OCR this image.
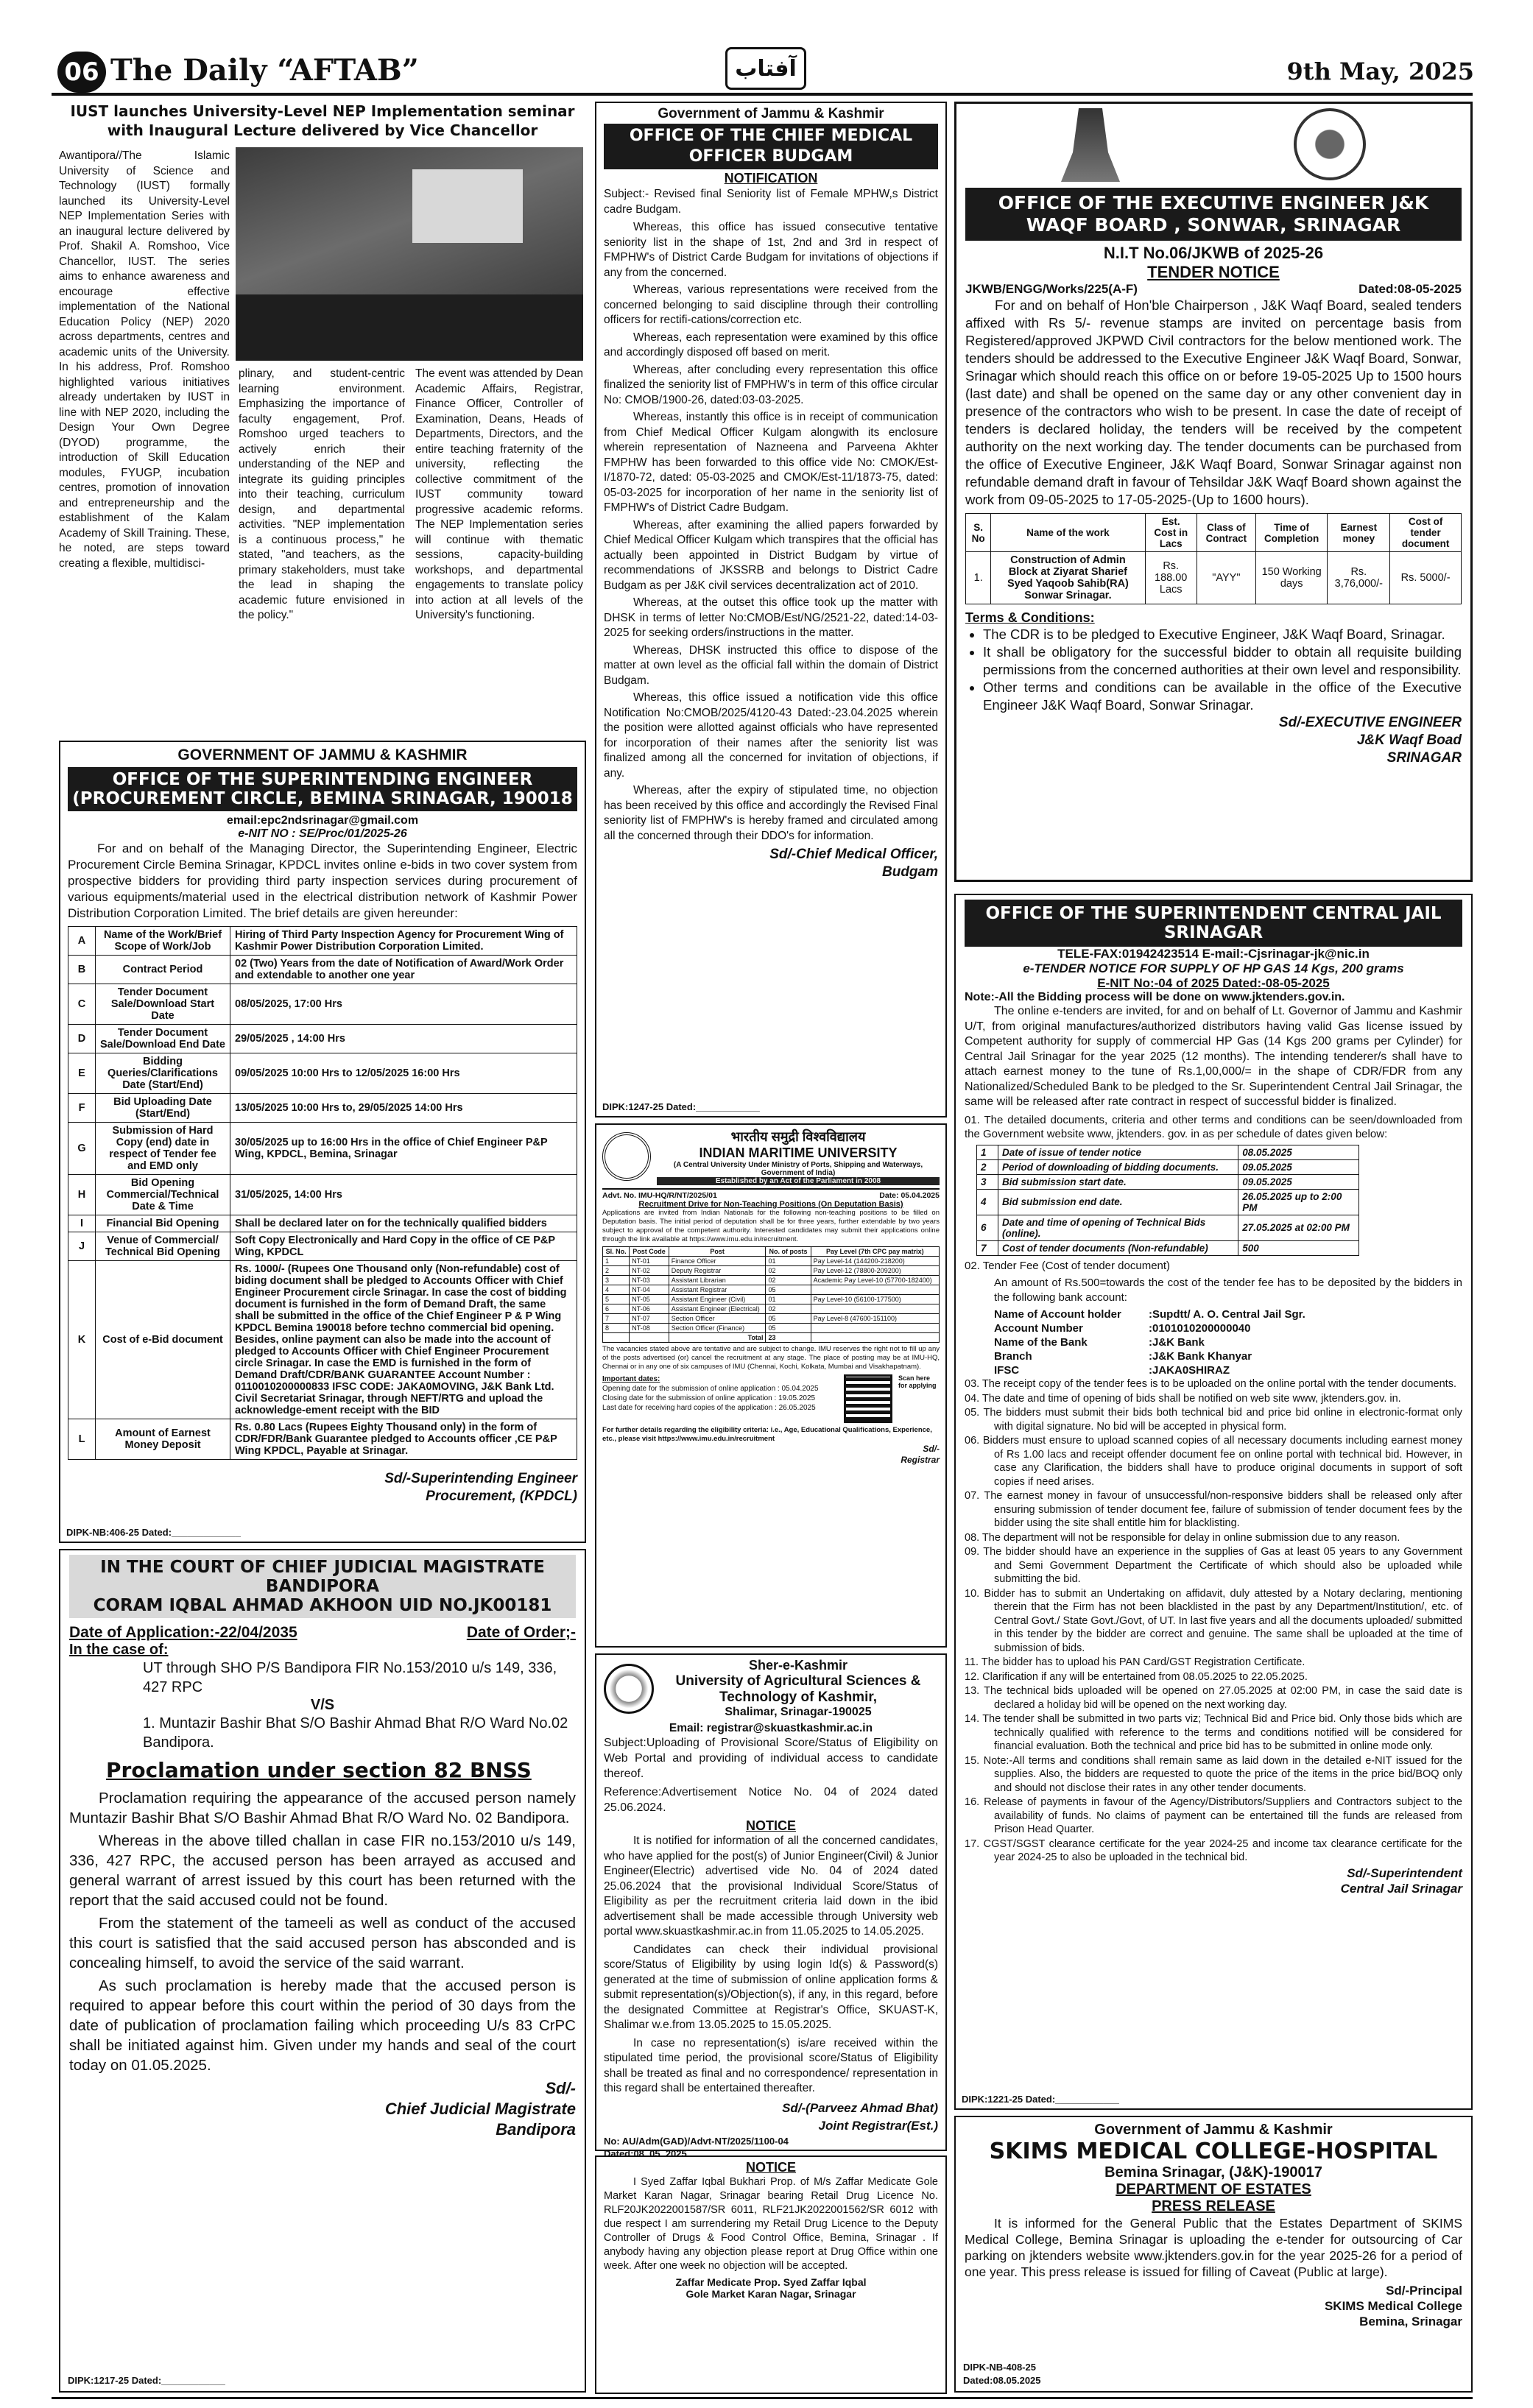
06 The Daily “AFTAB”	آفتاب	9th May, 2025
IUST launches University-Level NEP Implementation seminar with Inaugural Lecture delivered by Vice Chancellor
Awantipora//The Islamic University of Science and Technology (IUST) formally launched its University-Level NEP Implementation Series with an inaugural lecture delivered by Prof. Shakil A. Romshoo, Vice Chancellor, IUST. The series aims to enhance awareness and encourage effective implementation of the National Education Policy (NEP) 2020 across departments, centres and academic units of the University. In his address, Prof. Romshoo highlighted various initiatives already undertaken by IUST in line with NEP 2020, including the Design Your Own Degree (DYOD) programme, the introduction of Skill Education modules, FYUGP, incubation centres, promotion of innovation and entrepreneurship and the establishment of the Kalam Academy of Skill Training. These, he noted, are steps toward creating a flexible, multidisci-
plinary, and student-centric learning environment. Emphasizing the importance of faculty engagement, Prof. Romshoo urged teachers to actively enrich their understanding of the NEP and integrate its guiding principles into their teaching, curriculum design, and departmental activities. "NEP implementation is a continuous process," he stated, "and teachers, as the primary stakeholders, must take the lead in shaping the academic future envisioned in the policy."
The event was attended by Dean Academic Affairs, Registrar, Finance Officer, Controller of Examination, Deans, Heads of Departments, Directors, and the entire teaching fraternity of the university, reflecting the collective commitment of the IUST community toward progressive academic reforms. The NEP Implementation series will continue with thematic sessions, capacity-building workshops, and departmental engagements to translate policy into action at all levels of the University's functioning.
GOVERNMENT OF JAMMU & KASHMIR
OFFICE OF THE SUPERINTENDING ENGINEER
(PROCUREMENT CIRCLE, BEMINA SRINAGAR, 190018
email:epc2ndsrinagar@gmail.com
e-NIT NO : SE/Proc/01/2025-26
For and on behalf of the Managing Director, the Superintending Engineer, Electric Procurement Circle Bemina Srinagar, KPDCL invites online e-bids in two cover system from prospective bidders for providing third party inspection services during procurement of various equipments/material used in the electrical distribution network of Kashmir Power Distribution Corporation Limited. The brief details are given hereunder:
A	Name of the Work/Brief Scope of Work/Job	Hiring of Third Party Inspection Agency for Procurement Wing of Kashmir Power Distribution Corporation Limited.
B	Contract Period	02 (Two) Years from the date of Notification of Award/Work Order and extendable to another one year
C	Tender Document Sale/Download Start Date	08/05/2025, 17:00 Hrs
D	Tender Document Sale/Download End Date	29/05/2025 , 14:00 Hrs
E	Bidding Queries/Clarifications Date (Start/End)	09/05/2025 10:00 Hrs to 12/05/2025 16:00 Hrs
F	Bid Uploading Date (Start/End)	13/05/2025 10:00 Hrs to, 29/05/2025 14:00 Hrs
G	Submission of Hard Copy (end) date in respect of Tender fee and EMD only	30/05/2025 up to 16:00 Hrs in the office of Chief Engineer P&P Wing, KPDCL, Bemina, Srinagar
H	Bid Opening Commercial/Technical Date & Time	31/05/2025, 14:00 Hrs
I	Financial Bid Opening	Shall be declared later on for the technically qualified bidders
J	Venue of Commercial/ Technical Bid Opening	Soft Copy Electronically and Hard Copy in the office of CE P&P Wing, KPDCL
K	Cost of e-Bid document	Rs. 1000/- (Rupees One Thousand only (Non-refundable) cost of biding document shall be pledged to Accounts Officer with Chief Engineer Procurement circle Srinagar. In case the cost of bidding document is furnished in the form of Demand Draft, the same shall be submitted in the office of the Chief Engineer P & P Wing KPDCL Bemina 190018 before techno commercial bid opening. Besides, online payment can also be made into the account of pledged to Accounts Officer with Chief Engineer Procurement circle Srinagar. In case the EMD is furnished in the form of Demand Draft/CDR/BANK GUARANTEE Account Number : 0110010200000833 IFSC CODE: JAKA0MOVING, J&K Bank Ltd. Civil Secretariat Srinagar, through NEFT/RTG and upload the acknowledge-ement receipt with the BID
L	Amount of Earnest Money Deposit	Rs. 0.80 Lacs (Rupees Eighty Thousand only) in the form of CDR/FDR/Bank Guarantee pledged to Accounts officer ,CE P&P Wing KPDCL, Payable at Srinagar.
Sd/-Superintending Engineer
Procurement, (KPDCL)
DIPK-NB:406-25 Dated:_____________
IN THE COURT OF CHIEF JUDICIAL MAGISTRATE BANDIPORA
CORAM IQBAL AHMAD AKHOON UID NO.JK00181
Date of Application:-22/04/2035	Date of Order;-
In the case of:
UT through SHO P/S Bandipora FIR No.153/2010 u/s 149, 336, 427 RPC
V/S
1. Muntazir Bashir Bhat S/O Bashir Ahmad Bhat R/O Ward No.02 Bandipora.
Proclamation under section 82 BNSS
Proclamation requiring the appearance of the accused person namely Muntazir Bashir Bhat S/O Bashir Ahmad Bhat R/O Ward No. 02 Bandipora.
Whereas in the above tilled challan in case FIR no.153/2010 u/s 149, 336, 427 RPC, the accused person has been arrayed as accused and general warrant of arrest issued by this court has been returned with the report that the said accused could not be found.
From the statement of the tameeli as well as conduct of the accused this court is satisfied that the said accused person has absconded and is concealing himself, to avoid the service of the said warrant.
As such proclamation is hereby made that the accused person is required to appear before this court within the period of 30 days from the date of publication of proclamation failing which proceeding U/s 83 CrPC shall be initiated against him. Given under my hands and seal of the court today on 01.05.2025.
Sd/-
Chief Judicial Magistrate
Bandipora
DIPK:1217-25 Dated:____________
Government of Jammu & Kashmir
OFFICE OF THE CHIEF MEDICAL OFFICER BUDGAM
NOTIFICATION
Subject:- Revised final Seniority list of Female MPHW,s District cadre Budgam.
Whereas, this office has issued consecutive tentative seniority list in the shape of 1st, 2nd and 3rd in respect of FMPHW's of District Carde Budgam for invitations of objections if any from the concerned.
Whereas, various representations were received from the concerned belonging to said discipline through their controlling officers for rectifi-cations/correction etc.
Whereas, each representation were examined by this office and accordingly disposed off based on merit.
Whereas, after concluding every representation this office finalized the seniority list of FMPHW's in term of this office circular No: CMOB/1900-26, dated:03-03-2025.
Whereas, instantly this office is in receipt of communication from Chief Medical Officer Kulgam alongwith its enclosure wherein representation of Nazneena and Parveena Akhter FMPHW has been forwarded to this office vide No: CMOK/Est-I/1870-72, dated: 05-03-2025 and CMOK/Est-11/1873-75, dated: 05-03-2025 for incorporation of her name in the seniority list of FMPHW's of District Cadre Budgam.
Whereas, after examining the allied papers forwarded by Chief Medical Officer Kulgam which transpires that the official has actually been appointed in District Budgam by virtue of recommendations of JKSSRB and belongs to District Cadre Budgam as per J&K civil services decentralization act of 2010.
Whereas, at the outset this office took up the matter with DHSK in terms of letter No:CMOB/Est/NG/2521-22, dated:14-03-2025 for seeking orders/instructions in the matter.
Whereas, DHSK instructed this office to dispose of the matter at own level as the official fall within the domain of District Budgam.
Whereas, this office issued a notification vide this office Notification No:CMOB/2025/4120-43 Dated:-23.04.2025 wherein the position were allotted against officials who have represented for incorporation of their names after the seniority list was finalized among all the concerned for invitation of objections, if any.
Whereas, after the expiry of stipulated time, no objection has been received by this office and accordingly the Revised Final seniority list of FMPHW's is hereby framed and circulated among all the concerned through their DDO's for information.
Sd/-Chief Medical Officer,
Budgam
DIPK:1247-25 Dated:____________
भारतीय समुद्री विश्वविद्यालय
INDIAN MARITIME UNIVERSITY
(A Central University Under Ministry of Ports, Shipping and Waterways, Government of India)
Established by an Act of the Parliament in 2008
Advt. No. IMU-HQ/R/NT/2025/01	Date: 05.04.2025
Recruitment Drive for Non-Teaching Positions (On Deputation Basis)
Applications are invited from Indian Nationals for the following non-teaching positions to be filled on Deputation basis. The initial period of deputation shall be for three years, further extendable by two years subject to approval of the competent authority. Interested candidates may submit their applications online through the link available at https://www.imu.edu.in/recruitment.
Sl. No.	Post Code	Post	No. of posts	Pay Level (7th CPC pay matrix)
1	NT-01	Finance Officer	01	Pay Level-14 (144200-218200)
2	NT-02	Deputy Registrar	02	Pay Level-12 (78800-209200)
3	NT-03	Assistant Librarian	02	Academic Pay Level-10 (57700-182400)
4	NT-04	Assistant Registrar	05	
5	NT-05	Assistant Engineer (Civil)	01	Pay Level-10 (56100-177500)
6	NT-06	Assistant Engineer (Electrical)	02	
7	NT-07	Section Officer	05	Pay Level-8 (47600-151100)
8	NT-08	Section Officer (Finance)	05	
		Total	23	
The vacancies stated above are tentative and are subject to change. IMU reserves the right not to fill up any of the posts advertised (or) cancel the recruitment at any stage. The place of posting may be at IMU-HQ, Chennai or in any one of six campuses of IMU (Chennai, Kochi, Kolkata, Mumbai and Visakhapatnam).
Important dates:
Opening date for the submission of online application : 05.04.2025
Closing date for the submission of online application : 19.05.2025
Last date for receiving hard copies of the application : 26.05.2025
Scan here for applying
For further details regarding the eligibility criteria: i.e., Age, Educational Qualifications, Experience, etc., please visit https://www.imu.edu.in/recruitment
Sd/-
Registrar
Sher-e-Kashmir
University of Agricultural Sciences & Technology of Kashmir,
Shalimar, Srinagar-190025
Email: registrar@skuastkashmir.ac.in
Subject:Uploading of Provisional Score/Status of Eligibility on Web Portal and providing of individual access to candidate thereof.
Reference:Advertisement Notice No. 04 of 2024 dated 25.06.2024.
NOTICE
It is notified for information of all the concerned candidates, who have applied for the post(s) of Junior Engineer(Civil) & Junior Engineer(Electric) advertised vide No. 04 of 2024 dated 25.06.2024 that the provisional Individual Score/Status of Eligibility as per the recruitment criteria laid down in the ibid advertisement shall be made accessible through University web portal www.skuastkashmir.ac.in from 11.05.2025 to 14.05.2025.
Candidates can check their individual provisional score/Status of Eligibility by using login Id(s) & Password(s) generated at the time of submission of online application forms & submit representation(s)/Objection(s), if any, in this regard, before the designated Committee at Registrar's Office, SKUAST-K, Shalimar w.e.from 13.05.2025 to 15.05.2025.
In case no representation(s) is/are received within the stipulated time period, the provisional score/Status of Eligibility shall be treated as final and no correspondence/ representation in this regard shall be entertained thereafter.
Sd/-(Parveez Ahmad Bhat)
Joint Registrar(Est.)
No: AU/Adm(GAD)/Advt-NT/2025/1100-04
Dated:08 .05 .2025
NOTICE
I Syed Zaffar Iqbal Bukhari Prop. of M/s Zaffar Medicate Gole Market Karan Nagar, Srinagar bearing Retail Drug Licence No. RLF20JK2022001587/SR 6011, RLF21JK2022001562/SR 6012 with due respect I am surrendering my Retail Drug Licence to the Deputy Controller of Drugs & Food Control Office, Bemina, Srinagar . If anybody having any objection please report at Drug Office within one week. After one week no objection will be accepted.
Zaffar Medicate Prop. Syed Zaffar Iqbal
Gole Market Karan Nagar, Srinagar
OFFICE OF THE EXECUTIVE ENGINEER J&K WAQF BOARD , SONWAR, SRINAGAR
N.I.T No.06/JKWB of 2025-26
TENDER NOTICE
JKWB/ENGG/Works/225(A-F)	Dated:08-05-2025
For and on behalf of Hon'ble Chairperson , J&K Waqf Board, sealed tenders affixed with Rs 5/- revenue stamps are invited on percentage basis from Registered/approved JKPWD Civil contractors for the below mentioned work. The tenders should be addressed to the Executive Engineer J&K Waqf Board, Sonwar, Srinagar which should reach this office on or before 19-05-2025 Up to 1500 hours (last date) and shall be opened on the same day or any other convenient day in presence of the contractors who wish to be present. In case the date of receipt of tenders is declared holiday, the tenders will be received by the competent authority on the next working day. The tender documents can be purchased from the office of Executive Engineer, J&K Waqf Board, Sonwar Srinagar against non refundable demand draft in favour of Tehsildar J&K Waqf Board shown against the work from 09-05-2025 to 17-05-2025-(Up to 1600 hours).
S. No	Name of the work	Est. Cost in Lacs	Class of Contract	Time of Completion	Earnest money	Cost of tender document
1.	Construction of Admin Block at Ziyarat Sharief Syed Yaqoob Sahib(RA) Sonwar Srinagar.	Rs. 188.00 Lacs	"AYY"	150 Working days	Rs. 3,76,000/-	Rs. 5000/-
Terms & Conditions:
• The CDR is to be pledged to Executive Engineer, J&K Waqf Board, Srinagar.
• It shall be obligatory for the successful bidder to obtain all requisite building permissions from the concerned authorities at their own level and responsibility.
• Other terms and conditions can be available in the office of the Executive Engineer J&K Waqf Board, Sonwar Srinagar.
Sd/-EXECUTIVE ENGINEER
J&K Waqf Boad
SRINAGAR
OFFICE OF THE SUPERINTENDENT CENTRAL JAIL SRINAGAR
TELE-FAX:01942423514 E-mail:-Cjsrinagar-jk@nic.in
e-TENDER NOTICE FOR SUPPLY OF HP GAS 14 Kgs, 200 grams
E-NIT No:-04 of 2025 Dated:-08-05-2025
Note:-All the Bidding process will be done on www.jktenders.gov.in.
The online e-tenders are invited, for and on behalf of Lt. Governor of Jammu and Kashmir U/T, from original manufactures/authorized distributors having valid Gas license issued by Competent authority for supply of commercial HP Gas (14 Kgs 200 grams per Cylinder) for Central Jail Srinagar for the year 2025 (12 months). The intending tenderer/s shall have to attach earnest money to the tune of Rs.1,00,000/= in the shape of CDR/FDR from any Nationalized/Scheduled Bank to be pledged to the Sr. Superintendent Central Jail Srinagar, the same will be released after rate contract in respect of successful bidder is finalized.
01. The detailed documents, criteria and other terms and conditions can be seen/downloaded from the Government website www, jktenders. gov. in as per schedule of dates given below:
1	Date of issue of tender notice	08.05.2025
2	Period of downloading of bidding documents.	09.05.2025
3	Bid submission start date.	09.05.2025
4	Bid submission end date.	26.05.2025 up to 2:00 PM
6	Date and time of opening of Technical Bids (online).	27.05.2025 at 02:00 PM
7	Cost of tender documents (Non-refundable)	500
02. Tender Fee (Cost of tender document)
An amount of Rs.500=towards the cost of the tender fee has to be deposited by the bidders in the following bank account:
Name of Account holder	:Supdtt/ A. O. Central Jail Sgr.
Account Number	:0101010200000040
Name of the Bank	:J&K Bank
Branch	:J&K Bank Khanyar
IFSC	:JAKA0SHIRAZ
03. The receipt copy of the tender fees is to be uploaded on the online portal with the tender documents.
04. The date and time of opening of bids shall be notified on web site www, jktenders.gov. in.
05. The bidders must submit their bids both technical bid and price bid online in electronic-format only with digital signature. No bid will be accepted in physical form.
06. Bidders must ensure to upload scanned copies of all necessary documents including earnest money of Rs 1.00 lacs and receipt offender document fee on online portal with technical bid. However, in case any Clarification, the bidders shall have to produce original documents in support of soft copies if need arises.
07. The earnest money in favour of unsuccessful/non-responsive bidders shall be released only after ensuring submission of tender document fee, failure of submission of tender document fees by the bidder using the site shall entitle him for blacklisting.
08. The department will not be responsible for delay in online submission due to any reason.
09. The bidder should have an experience in the supplies of Gas at least 05 years to any Government and Semi Government Department the Certificate of which should also be uploaded while submitting the bid.
10. Bidder has to submit an Undertaking on affidavit, duly attested by a Notary declaring, mentioning therein that the Firm has not been blacklisted in the past by any Department/Institution/, etc. of Central Govt./ State Govt./Govt, of UT. In last five years and all the documents uploaded/ submitted in this tender by the bidder are correct and genuine. The same shall be uploaded at the time of submission of bids.
11. The bidder has to upload his PAN Card/GST Registration Certificate.
12. Clarification if any will be entertained from 08.05.2025 to 22.05.2025.
13. The technical bids uploaded will be opened on 27.05.2025 at 02:00 PM, in case the said date is declared a holiday bid will be opened on the next working day.
14. The tender shall be submitted in two parts viz; Technical Bid and Price bid. Only those bids which are technically qualified with reference to the terms and conditions notified will be considered for financial evaluation. Both the technical and price bid has to be submitted in online mode only.
15. Note:-All terms and conditions shall remain same as laid down in the detailed e-NIT issued for the supplies. Also, the bidders are requested to quote the price of the items in the price bid/BOQ only and should not disclose their rates in any other tender documents.
16. Release of payments in favour of the Agency/Distributors/Suppliers and Contractors subject to the availability of funds. No claims of payment can be entertained till the funds are released from Prison Head Quarter.
17. CGST/SGST clearance certificate for the year 2024-25 and income tax clearance certificate for the year 2024-25 to also be uploaded in the technical bid.
Sd/-Superintendent
Central Jail Srinagar
DIPK:1221-25 Dated:____________
Government of Jammu & Kashmir
SKIMS MEDICAL COLLEGE-HOSPITAL
Bemina Srinagar, (J&K)-190017
DEPARTMENT OF ESTATES
PRESS RELEASE
It is informed for the General Public that the Estates Department of SKIMS Medical College, Bemina Srinagar is uploading the e-tender for outsourcing of Car parking on jktenders website www.jktenders.gov.in for the year 2025-26 for a period of one year. This press release is issued for filling of Caveat (Public at large).
Sd/-Principal
SKIMS Medical College
Bemina, Srinagar
DIPK-NB-408-25
Dated:08.05.2025
